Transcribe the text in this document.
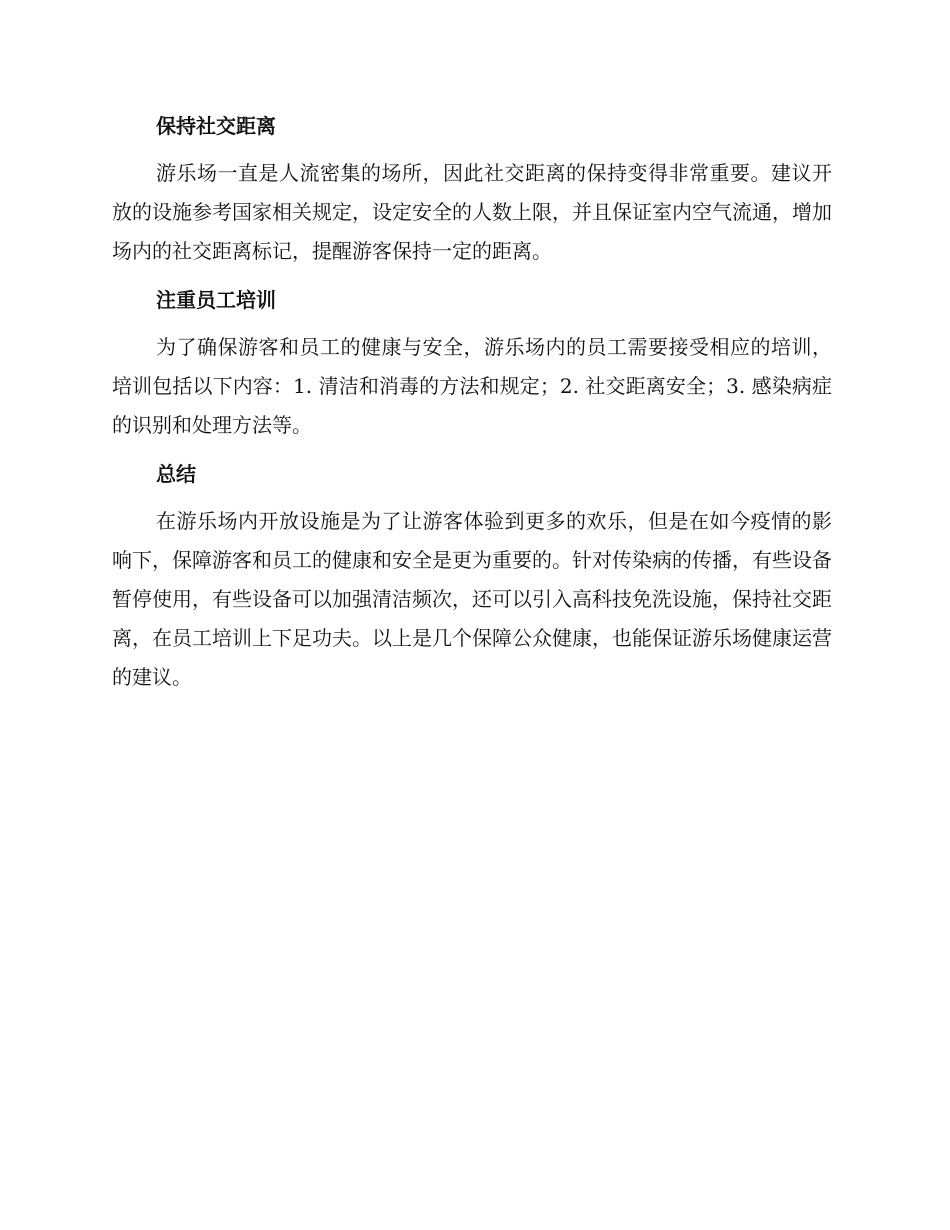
保持社交距离

游乐场一直是人流密集的场所，因此社交距离的保持变得非常重要。建议开放的设施参考国家相关规定，设定安全的人数上限，并且保证室内空气流通，增加场内的社交距离标记，提醒游客保持一定的距离。

注重员工培训

为了确保游客和员工的健康与安全，游乐场内的员工需要接受相应的培训，培训包括以下内容：1. 清洁和消毒的方法和规定；2. 社交距离安全；3. 感染病症的识别和处理方法等。

总结

在游乐场内开放设施是为了让游客体验到更多的欢乐，但是在如今疫情的影响下，保障游客和员工的健康和安全是更为重要的。针对传染病的传播，有些设备暂停使用，有些设备可以加强清洁频次，还可以引入高科技免洗设施，保持社交距离，在员工培训上下足功夫。以上是几个保障公众健康，也能保证游乐场健康运营的建议。
